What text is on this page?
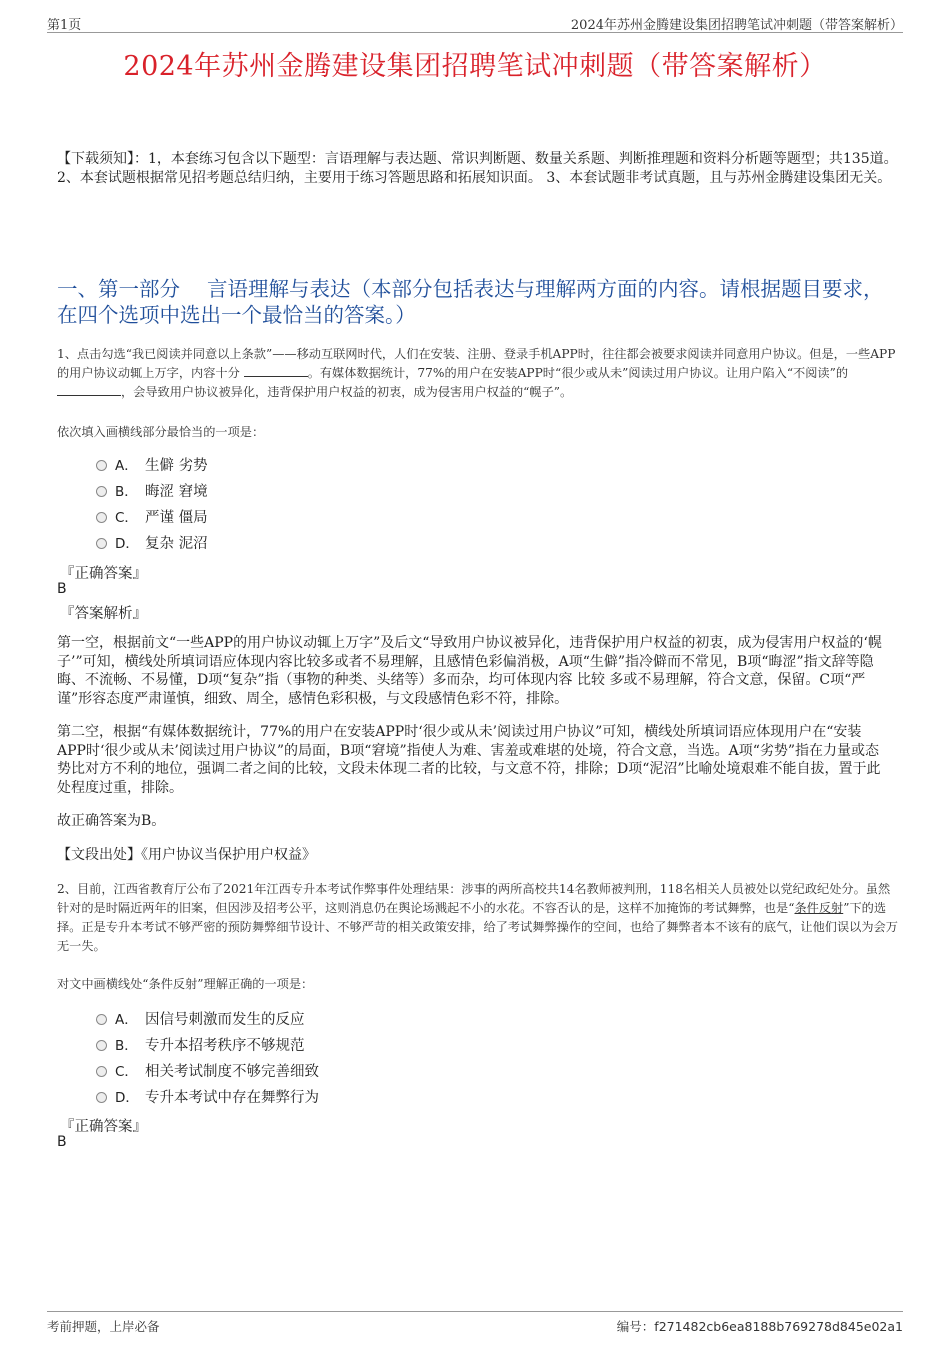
第1页	2024年苏州金腾建设集团招聘笔试冲刺题（带答案解析）
2024年苏州金腾建设集团招聘笔试冲刺题（带答案解析）
【下载须知】：1，本套练习包含以下题型：言语理解与表达题、常识判断题、数量关系题、判断推理题和资料分析题等题型；共135道。 2、本套试题根据常见招考题总结归纳，主要用于练习答题思路和拓展知识面。 3、本套试题非考试真题，且与苏州金腾建设集团无关。
一、第一部分　 言语理解与表达（本部分包括表达与理解两方面的内容。请根据题目要求，在四个选项中选出一个最恰当的答案。）
1、点击勾选“我已阅读并同意以上条款”——移动互联网时代，人们在安装、注册、登录手机APP时，往往都会被要求阅读并同意用户协议。但是，一些APP的用户协议动辄上万字，内容十分	。有媒体数据统计，77%的用户在安装APP时“很少或从未”阅读过用户协议。让用户陷入“不阅读”的 ，会导致用户协议被异化，违背保护用户权益的初衷，成为侵害用户权益的“幌子”。
依次填入画横线部分最恰当的一项是：
A． 生僻 劣势
B． 晦涩 窘境
C． 严谨 僵局
D． 复杂 泥沼
『正确答案』
B
『答案解析』
第一空，根据前文“一些APP的用户协议动辄上万字”及后文“导致用户协议被异化，违背保护用户权益的初衷，成为侵害用户权益的‘幌子’”可知，横线处所填词语应体现内容比较多或者不易理解，且感情色彩偏消极，A项“生僻”指冷僻而不常见，B项“晦涩”指文辞等隐晦、不流畅、不易懂，D项“复杂”指（事物的种类、头绪等）多而杂，均可体现内容 比较 多或不易理解，符合文意，保留。C项“严谨”形容态度严肃谨慎，细致、周全，感情色彩积极，与文段感情色彩不符，排除。
第二空，根据“有媒体数据统计，77%的用户在安装APP时‘很少或从未’阅读过用户协议”可知，横线处所填词语应体现用户在“安装APP时‘很少或从未’阅读过用户协议”的局面，B项“窘境”指使人为难、害羞或难堪的处境，符合文意，当选。A项“劣势”指在力量或态势比对方不利的地位，强调二者之间的比较，文段未体现二者的比较，与文意不符，排除；D项“泥沼”比喻处境艰难不能自拔，置于此处程度过重，排除。
故正确答案为B。
【文段出处】《用户协议当保护用户权益》
2、目前，江西省教育厅公布了2021年江西专升本考试作弊事件处理结果：涉事的两所高校共14名教师被判刑，118名相关人员被处以党纪政纪处分。虽然针对的是时隔近两年的旧案，但因涉及招考公平，这则消息仍在舆论场溅起不小的水花。不容否认的是，这样不加掩饰的考试舞弊，也是“条件反射”下的选择。正是专升本考试不够严密的预防舞弊细节设计、不够严苛的相关政策安排，给了考试舞弊操作的空间，也给了舞弊者本不该有的底气，让他们误以为会万无一失。
对文中画横线处“条件反射”理解正确的一项是：
A． 因信号刺激而发生的反应
B． 专升本招考秩序不够规范
C． 相关考试制度不够完善细致
D． 专升本考试中存在舞弊行为
『正确答案』
B
考前押题，上岸必备	编号：f271482cb6ea8188b769278d845e02a1
